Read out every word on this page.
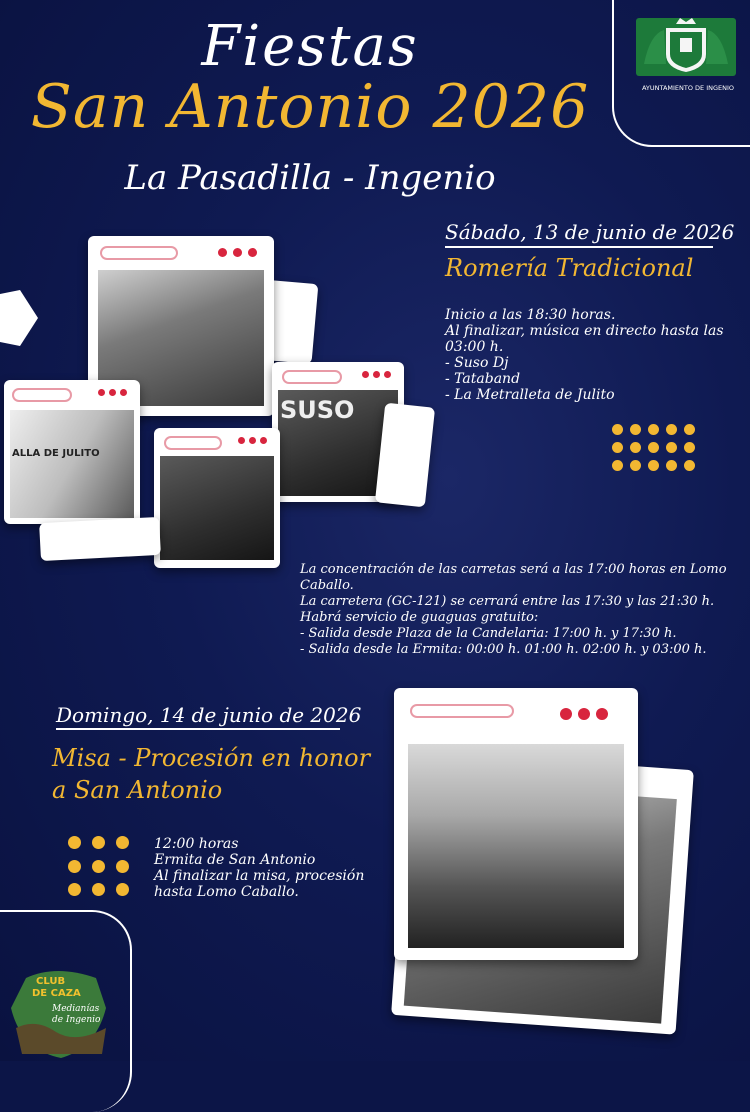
AYUNTAMIENTO DE INGENIO
Fiestas
San Antonio 2026
La Pasadilla - Ingenio
SUSO
ALLA DE JULITO
Sábado, 13 de junio de 2026
Romería Tradicional
Inicio a las 18:30 horas.
Al finalizar, música en directo hasta las
03:00 h.
- Suso Dj
- Tataband
- La Metralleta de Julito
La concentración de las carretas será a las 17:00 horas en Lomo Caballo.
La carretera (GC-121) se cerrará entre las 17:30 y las 21:30 h.
Habrá servicio de guaguas gratuito:
- Salida desde Plaza de la Candelaria: 17:00 h. y 17:30 h.
- Salida desde la Ermita: 00:00 h. 01:00 h. 02:00 h. y 03:00 h.
Domingo, 14 de junio de 2026
Misa - Procesión en honor
a San Antonio
12:00 horas
Ermita de San Antonio
Al finalizar la misa, procesión
hasta Lomo Caballo.
CLUB
DE CAZA
Medianías
de Ingenio
